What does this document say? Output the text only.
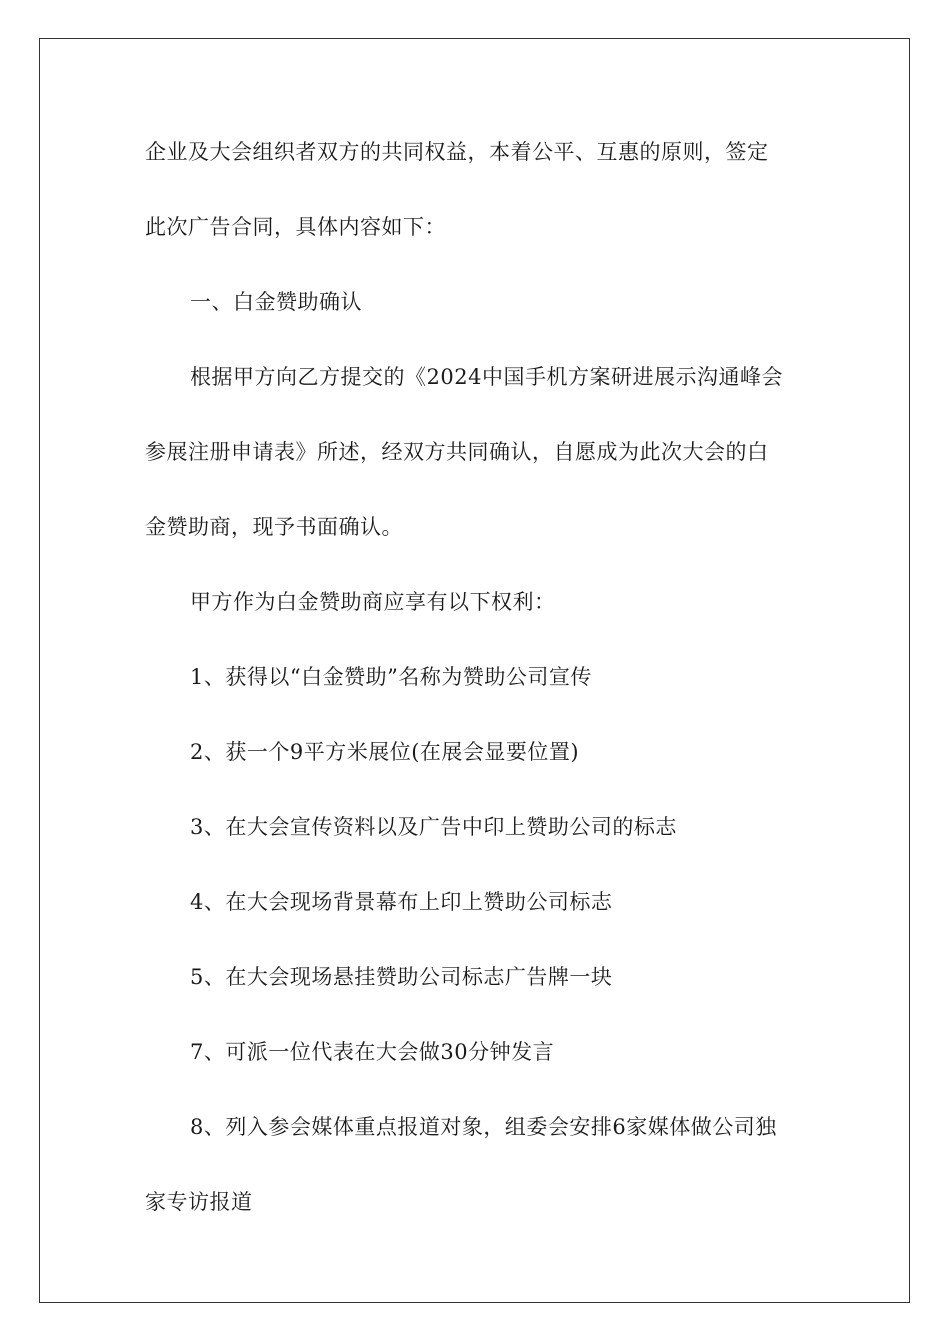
企业及大会组织者双方的共同权益，本着公平、互惠的原则，签定
此次广告合同，具体内容如下：
一、白金赞助确认
根据甲方向乙方提交的《2024中国手机方案研进展示沟通峰会
参展注册申请表》所述，经双方共同确认，自愿成为此次大会的白
金赞助商，现予书面确认。
甲方作为白金赞助商应享有以下权利：
1、获得以“白金赞助”名称为赞助公司宣传
2、获一个9平方米展位(在展会显要位置)
3、在大会宣传资料以及广告中印上赞助公司的标志
4、在大会现场背景幕布上印上赞助公司标志
5、在大会现场悬挂赞助公司标志广告牌一块
7、可派一位代表在大会做30分钟发言
8、列入参会媒体重点报道对象，组委会安排6家媒体做公司独
家专访报道
